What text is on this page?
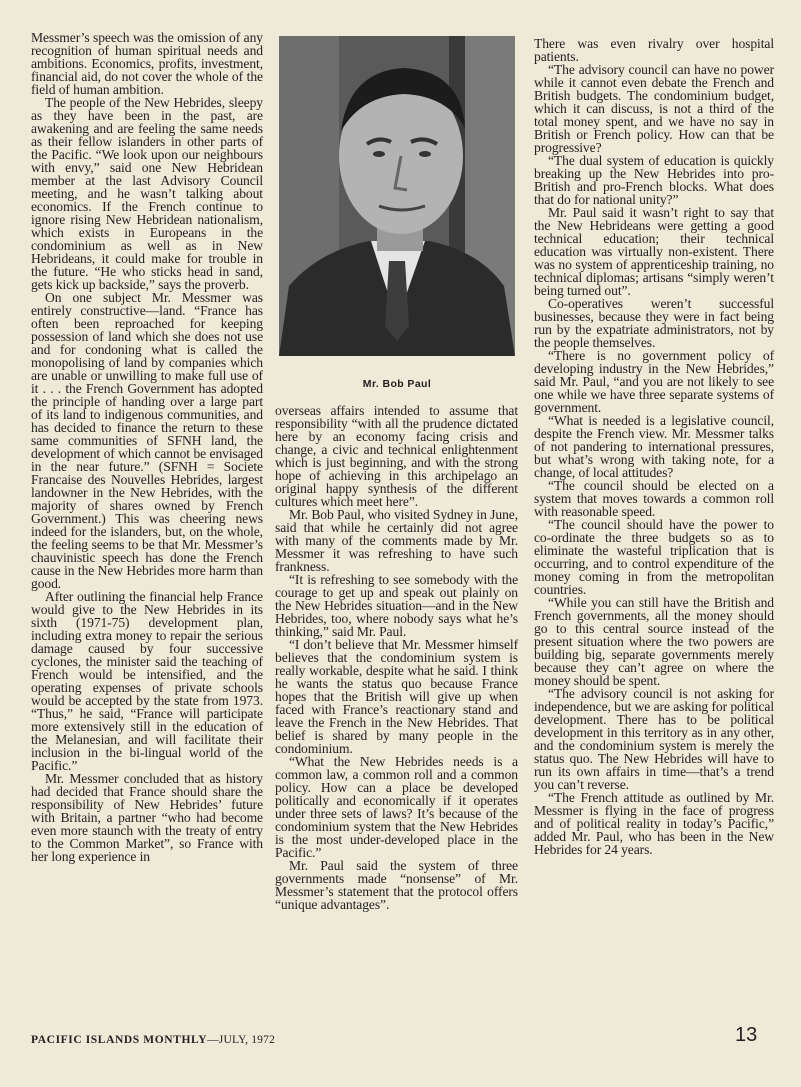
Messmer’s speech was the omission of any recognition of human spiritual needs and ambitions. Economics, profits, investment, financial aid, do not cover the whole of the field of human ambition.

The people of the New Hebrides, sleepy as they have been in the past, are awakening and are feeling the same needs as their fellow islanders in other parts of the Pacific. “We look upon our neighbours with envy,” said one New Hebridean member at the last Advisory Council meeting, and he wasn’t talking about economics. If the French continue to ignore rising New Hebridean nationalism, which exists in Europeans in the condominium as well as in New Hebrideans, it could make for trouble in the future. “He who sticks head in sand, gets kick up backside,” says the proverb.

On one subject Mr. Messmer was entirely constructive—land. “France has often been reproached for keeping possession of land which she does not use and for condoning what is called the monopolising of land by companies which are unable or unwilling to make full use of it . . . the French Government has adopted the principle of handing over a large part of its land to indigenous communities, and has decided to finance the return to these same communities of SFNH land, the development of which cannot be envisaged in the near future.” (SFNH = Societe Francaise des Nouvelles Hebrides, largest landowner in the New Hebrides, with the majority of shares owned by French Government.) This was cheering news indeed for the islanders, but, on the whole, the feeling seems to be that Mr. Messmer’s chauvinistic speech has done the French cause in the New Hebrides more harm than good.

After outlining the financial help France would give to the New Hebrides in its sixth (1971-75) development plan, including extra money to repair the serious damage caused by four successive cyclones, the minister said the teaching of French would be intensified, and the operating expenses of private schools would be accepted by the state from 1973. “Thus,” he said, “France will participate more extensively still in the education of the Melanesian, and will facilitate their inclusion in the bi-lingual world of the Pacific.”

Mr. Messmer concluded that as history had decided that France should share the responsibility of New Hebrides’ future with Britain, a partner “who had become even more staunch with the treaty of entry to the Common Market”, so France with her long experience in

Mr. Bob Paul

overseas affairs intended to assume that responsibility “with all the prudence dictated here by an economy facing crisis and change, a civic and technical enlightenment which is just beginning, and with the strong hope of achieving in this archipelago an original happy synthesis of the different cultures which meet here”.

Mr. Bob Paul, who visited Sydney in June, said that while he certainly did not agree with many of the comments made by Mr. Messmer it was refreshing to have such frankness.

“It is refreshing to see somebody with the courage to get up and speak out plainly on the New Hebrides situation—and in the New Hebrides, too, where nobody says what he’s thinking,” said Mr. Paul.

“I don’t believe that Mr. Messmer himself believes that the condominium system is really workable, despite what he said. I think he wants the status quo because France hopes that the British will give up when faced with France’s reactionary stand and leave the French in the New Hebrides. That belief is shared by many people in the condominium.

“What the New Hebrides needs is a common law, a common roll and a common policy. How can a place be developed politically and economically if it operates under three sets of laws? It’s because of the condominium system that the New Hebrides is the most under-developed place in the Pacific.”

Mr. Paul said the system of three governments made “nonsense” of Mr. Messmer’s statement that the protocol offers “unique advantages”.

There was even rivalry over hospital patients.

“The advisory council can have no power while it cannot even debate the French and British budgets. The condominium budget, which it can discuss, is not a third of the total money spent, and we have no say in British or French policy. How can that be progressive?

“The dual system of education is quickly breaking up the New Hebrides into pro-British and pro-French blocks. What does that do for national unity?”

Mr. Paul said it wasn’t right to say that the New Hebrideans were getting a good technical education; their technical education was virtually non-existent. There was no system of apprenticeship training, no technical diplomas; artisans “simply weren’t being turned out”.

Co-operatives weren’t successful businesses, because they were in fact being run by the expatriate administrators, not by the people themselves.

“There is no government policy of developing industry in the New Hebrides,” said Mr. Paul, “and you are not likely to see one while we have three separate systems of government.

“What is needed is a legislative council, despite the French view. Mr. Messmer talks of not pandering to international pressures, but what’s wrong with taking note, for a change, of local attitudes?

“The council should be elected on a system that moves towards a common roll with reasonable speed.

“The council should have the power to co-ordinate the three budgets so as to eliminate the wasteful triplication that is occurring, and to control expenditure of the money coming in from the metropolitan countries.

“While you can still have the British and French governments, all the money should go to this central source instead of the present situation where the two powers are building big, separate governments merely because they can’t agree on where the money should be spent.

“The advisory council is not asking for independence, but we are asking for political development. There has to be political development in this territory as in any other, and the condominium system is merely the status quo. The New Hebrides will have to run its own affairs in time—that’s a trend you can’t reverse.

“The French attitude as outlined by Mr. Messmer is flying in the face of progress and of political reality in today’s Pacific,” added Mr. Paul, who has been in the New Hebrides for 24 years.

PACIFIC ISLANDS MONTHLY—JULY, 1972	13
